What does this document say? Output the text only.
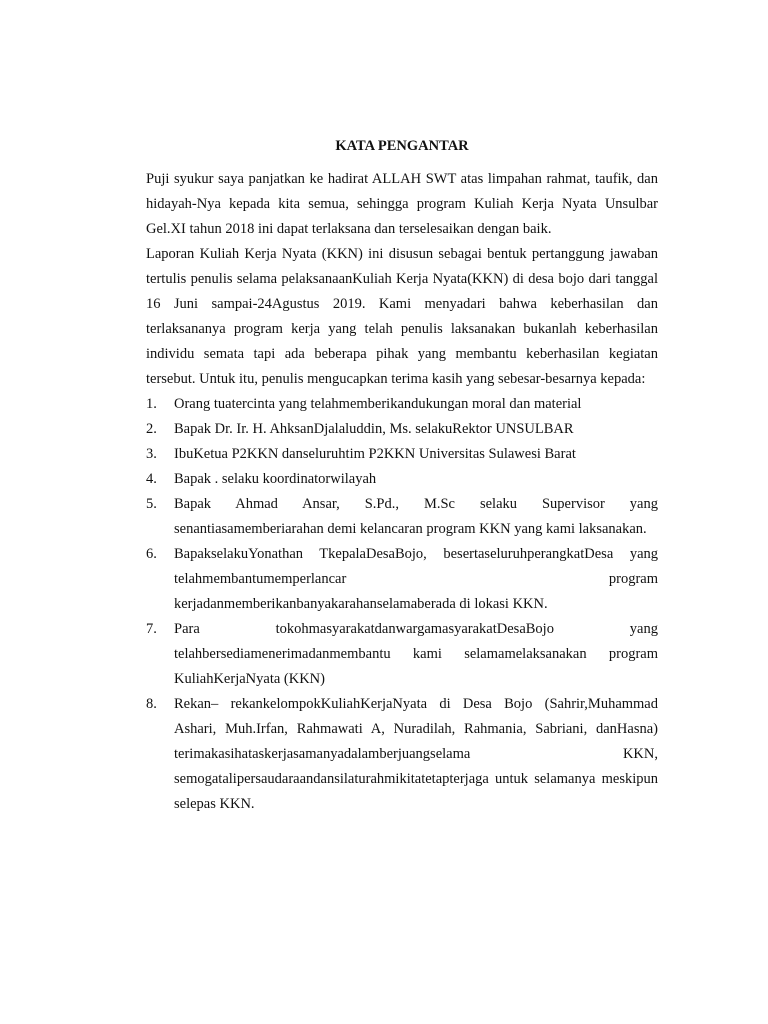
KATA PENGANTAR

Puji syukur saya panjatkan ke hadirat ALLAH SWT atas limpahan rahmat, taufik, dan hidayah-Nya kepada kita semua, sehingga program Kuliah Kerja Nyata Unsulbar Gel.XI tahun 2018 ini dapat terlaksana dan terselesaikan dengan baik.

Laporan Kuliah Kerja Nyata (KKN) ini disusun sebagai bentuk pertanggung jawaban tertulis penulis selama pelaksanaanKuliah Kerja Nyata(KKN) di desa bojo dari tanggal 16 Juni sampai-24Agustus 2019. Kami menyadari bahwa keberhasilan dan terlaksananya program kerja yang telah penulis laksanakan bukanlah keberhasilan individu semata tapi ada beberapa pihak yang membantu keberhasilan kegiatan tersebut. Untuk itu, penulis mengucapkan terima kasih yang sebesar-besarnya kepada:

1. Orang tuatercinta yang telahmemberikandukungan moral dan material
2. Bapak Dr. Ir. H. AhksanDjalaluddin, Ms. selakuRektor UNSULBAR
3. IbuKetua P2KKN danseluruhtim P2KKN Universitas Sulawesi Barat
4. Bapak . selaku koordinatorwilayah
5. Bapak Ahmad Ansar, S.Pd., M.Sc selaku Supervisor yang senantiasamemberiarahan demi kelancaran program KKN yang kami laksanakan.
6. BapakselakuYonathan TkepalaDesaBojo, besertaseluruhperangkatDesa yang telahmembantumemperlancar program kerjadanmemberikanbanyakarahanselamaberada di lokasi KKN.
7. Para tokohmasyarakatdanwargamasyarakatDesaBojo yang telahbersediamenerimadanmembantu kami selamamelaksanakan program KuliahKerjaNyata (KKN)
8. Rekan– rekankelompokKuliahKerjaNyata di Desa Bojo (Sahrir,Muhammad Ashari, Muh.Irfan, Rahmawati A, Nuradilah, Rahmania, Sabriani, danHasna) terimakasihataskerjasamanyadalamberjuangselama KKN, semogatalipersaudaraandansilaturahmikitatetapterjaga untuk selamanya meskipun selepas KKN.
